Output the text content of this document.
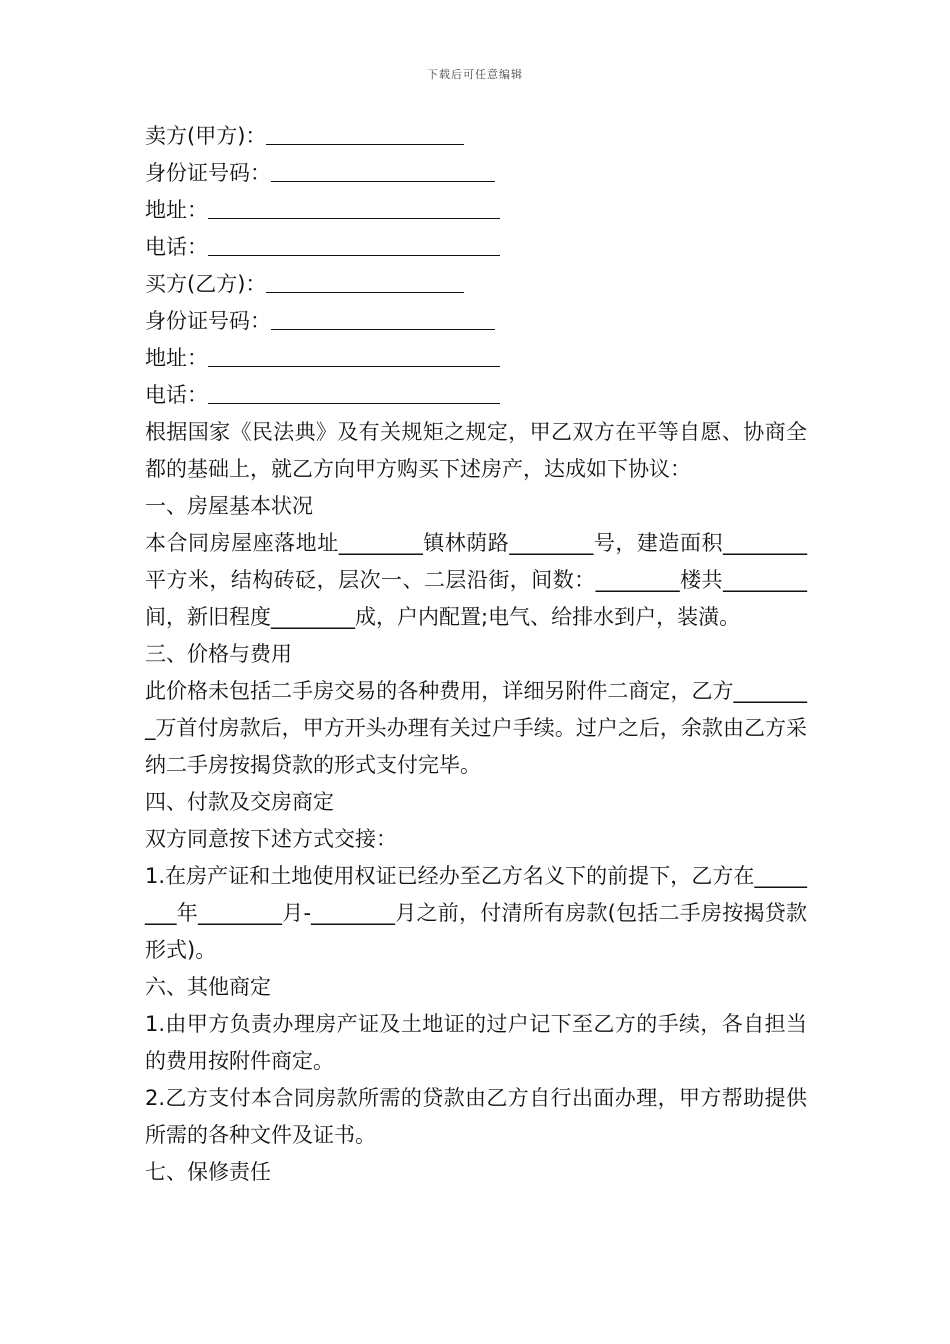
下载后可任意编辑
卖方(甲方)：
身份证号码：
地址：
电话：
买方(乙方)：
身份证号码：
地址：
电话：
根据国家《民法典》及有关规矩之规定，甲乙双方在平等自愿、协商全都的基础上，就乙方向甲方购买下述房产，达成如下协议：
一、房屋基本状况
本合同房屋座落地址________镇林荫路________号，建造面积________平方米，结构砖砭，层次一、二层沿街，间数：________楼共________间，新旧程度________成，户内配置;电气、给排水到户，装潢。
三、价格与费用
此价格未包括二手房交易的各种费用，详细另附件二商定，乙方________万首付房款后，甲方开头办理有关过户手续。过户之后，余款由乙方采纳二手房按揭贷款的形式支付完毕。
四、付款及交房商定
双方同意按下述方式交接：
1.在房产证和土地使用权证已经办至乙方名义下的前提下，乙方在________年________月-________月之前，付清所有房款(包括二手房按揭贷款形式)。
六、其他商定
1.由甲方负责办理房产证及土地证的过户记下至乙方的手续，各自担当的费用按附件商定。
2.乙方支付本合同房款所需的贷款由乙方自行出面办理，甲方帮助提供所需的各种文件及证书。
七、保修责任
